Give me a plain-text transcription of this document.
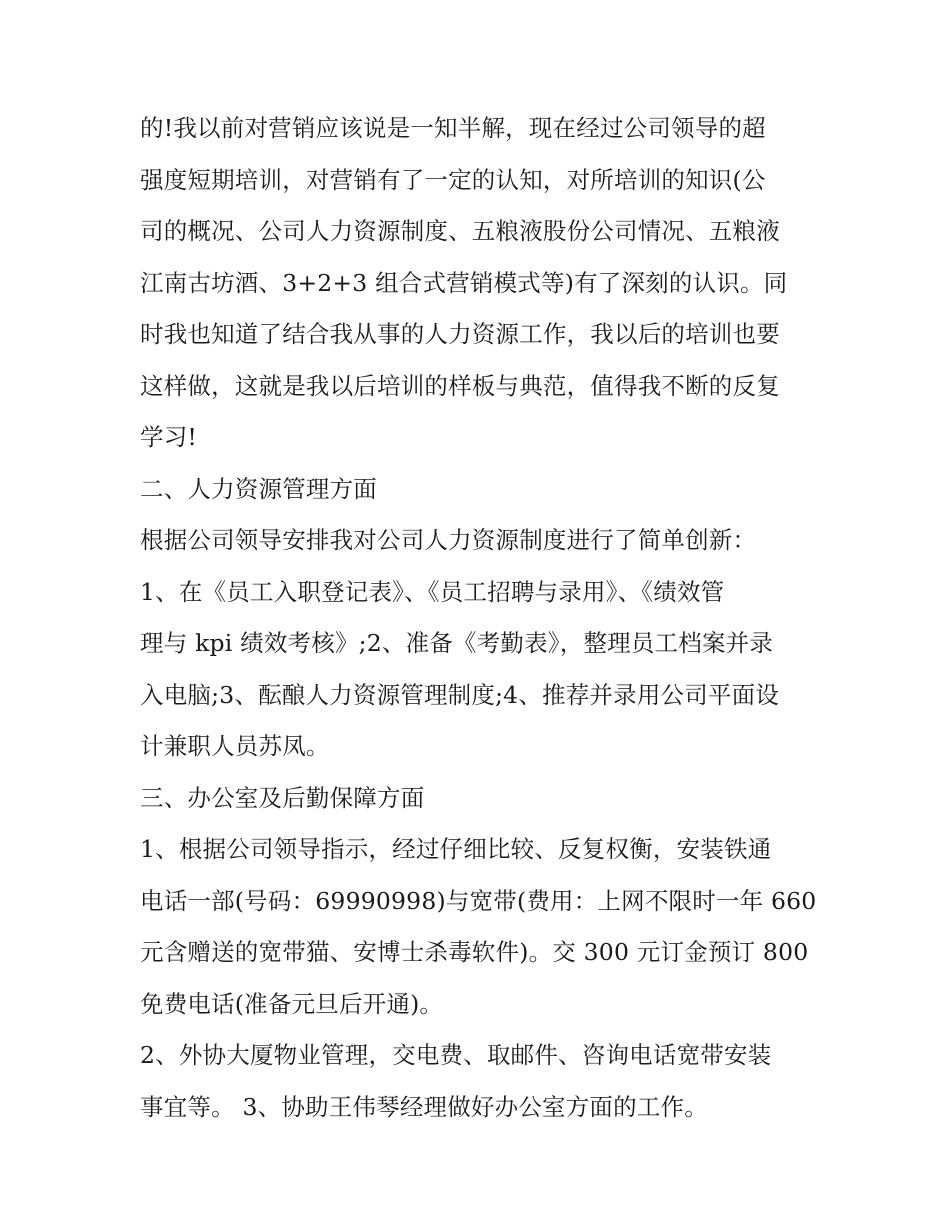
的!我以前对营销应该说是一知半解，现在经过公司领导的超
强度短期培训，对营销有了一定的认知，对所培训的知识(公
司的概况、公司人力资源制度、五粮液股份公司情况、五粮液
江南古坊酒、3+2+3 组合式营销模式等)有了深刻的认识。同
时我也知道了结合我从事的人力资源工作，我以后的培训也要
这样做，这就是我以后培训的样板与典范，值得我不断的反复
学习!

二、人力资源管理方面

根据公司领导安排我对公司人力资源制度进行了简单创新：

1、在《员工入职登记表》、《员工招聘与录用》、《绩效管
理与 kpi 绩效考核》;2、准备《考勤表》，整理员工档案并录
入电脑;3、酝酿人力资源管理制度;4、推荐并录用公司平面设
计兼职人员苏凤。

三、办公室及后勤保障方面

1、根据公司领导指示，经过仔细比较、反复权衡，安装铁通
电话一部(号码：69990998)与宽带(费用：上网不限时一年 660
元含赠送的宽带猫、安博士杀毒软件)。交 300 元订金预订 800
免费电话(准备元旦后开通)。

2、外协大厦物业管理，交电费、取邮件、咨询电话宽带安装
事宜等。 3、协助王伟琴经理做好办公室方面的工作。
